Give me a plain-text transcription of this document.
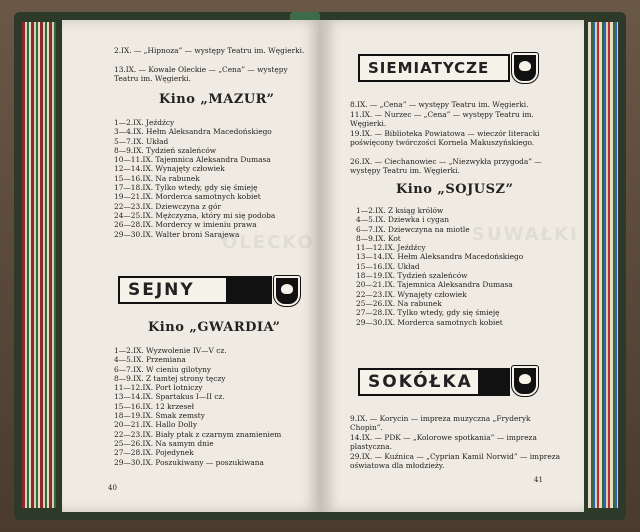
2.IX. — „Hipnoza” — występy Teatru im. Węgierki.
13.IX. — Kowale Oleckie — „Cena” — występy Teatru im. Węgierki.
Kino „MAZUR”
1—2.IX. Jeźdźcy
3—4.IX. Hełm Aleksandra Macedońskiego
5—7.IX. Układ
8—9.IX. Tydzień szaleńców
10—11.IX. Tajemnica Aleksandra Dumasa
12—14.IX. Wynajęty człowiek
15—16.IX. Na rabunek
17—18.IX. Tylko wtedy, gdy się śmieję
19—21.IX. Morderca samotnych kobiet
22—23.IX. Dziewczyna z gór
24—25.IX. Mężczyzna, który mi się podoba
26—28.IX. Mordercy w imieniu prawa
29—30.IX. Walter broni Sarajewa
OLECKO
SEJNY
Kino „GWARDIA”
1—2.IX. Wyzwolenie IV—V cz.
4—5.IX. Przemiana
6—7.IX. W cieniu gilotyny
8—9.IX. Z tamtej strony tęczy
11—12.IX. Port lotniczy
13—14.IX. Spartakus I—II cz.
15—16.IX. 12 krzeseł
18—19.IX. Smak zemsty
20—21.IX. Hallo Dolly
22—23.IX. Biały ptak z czarnym znamieniem
25—26.IX. Na samym dnie
27—28.IX. Pojedynek
29—30.IX. Poszukiwany — poszukiwana
40
SIEMIATYCZE
8.IX. — „Cena” — występy Teatru im. Węgierki.
11.IX. — Nurzec — „Cena” — występy Teatru im. Węgierki.
19.IX. — Biblioteka Powiatowa — wieczór literacki poświęcony twórczości Kornela Makuszyńskiego.
26.IX. — Ciechanowiec — „Niezwykła przygoda” — występy Teatru im. Węgierki.
Kino „SOJUSZ”
1—2.IX. Z ksiąg królów
4—5.IX. Dziewka i cygan
6—7.IX. Dziewczyna na miotle
8—9.IX. Kot
11—12.IX. Jeźdźcy
13—14.IX. Hełm Aleksandra Macedońskiego
15—16.IX. Układ
18—19.IX. Tydzień szaleńców
20—21.IX. Tajemnica Aleksandra Dumasa
22—23.IX. Wynajęty człowiek
25—26.IX. Na rabunek
27—28.IX. Tylko wtedy, gdy się śmieję
29—30.IX. Morderca samotnych kobiet
SUWAŁKI
SOKÓŁKA
9.IX. — Korycin — impreza muzyczna „Fryderyk Chopin”.
14.IX. — PDK — „Kolorowe spotkania” — impreza plastyczna.
29.IX. — Kuźnica — „Cyprian Kamil Norwid” — impreza oświatowa dla młodzieży.
41
